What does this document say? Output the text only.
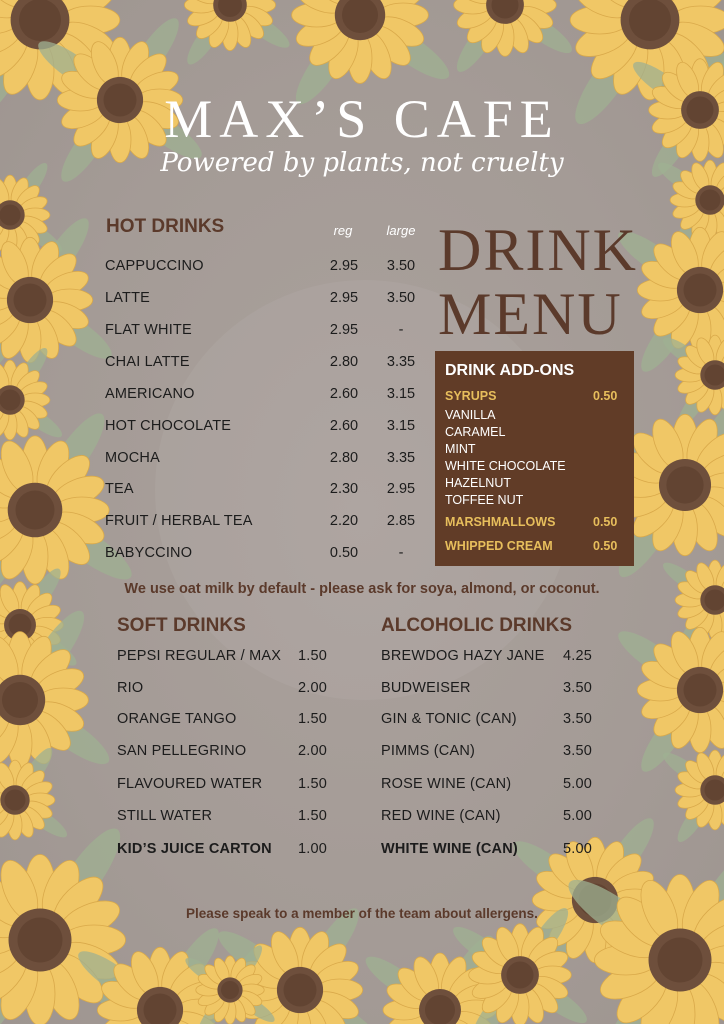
MAX’S CAFE
Powered by plants, not cruelty
HOT DRINKS	reg	large
CAPPUCCINO	2.95	3.50
LATTE	2.95	3.50
FLAT WHITE	2.95	-
CHAI LATTE	2.80	3.35
AMERICANO	2.60	3.15
HOT CHOCOLATE	2.60	3.15
MOCHA	2.80	3.35
TEA	2.30	2.95
FRUIT / HERBAL TEA	2.20	2.85
BABYCCINO	0.50	-
DRINK
MENU
DRINK ADD-ONS
SYRUPS	0.50
VANILLA
CARAMEL
MINT
WHITE CHOCOLATE
HAZELNUT
TOFFEE NUT
MARSHMALLOWS	0.50
WHIPPED CREAM	0.50
We use oat milk by default - please ask for soya, almond, or coconut.
SOFT DRINKS
PEPSI REGULAR / MAX 1.50
RIO	2.00
ORANGE TANGO	1.50
SAN PELLEGRINO	2.00
FLAVOURED WATER 1.50
STILL WATER	1.50
KID’S JUICE CARTON 1.00
ALCOHOLIC DRINKS
BREWDOG HAZY JANE 4.25
BUDWEISER	3.50
GIN & TONIC (CAN)	3.50
PIMMS (CAN)	3.50
ROSE WINE (CAN)	5.00
RED WINE (CAN)	5.00
WHITE WINE (CAN)	5.00
Please speak to a member of the team about allergens.
